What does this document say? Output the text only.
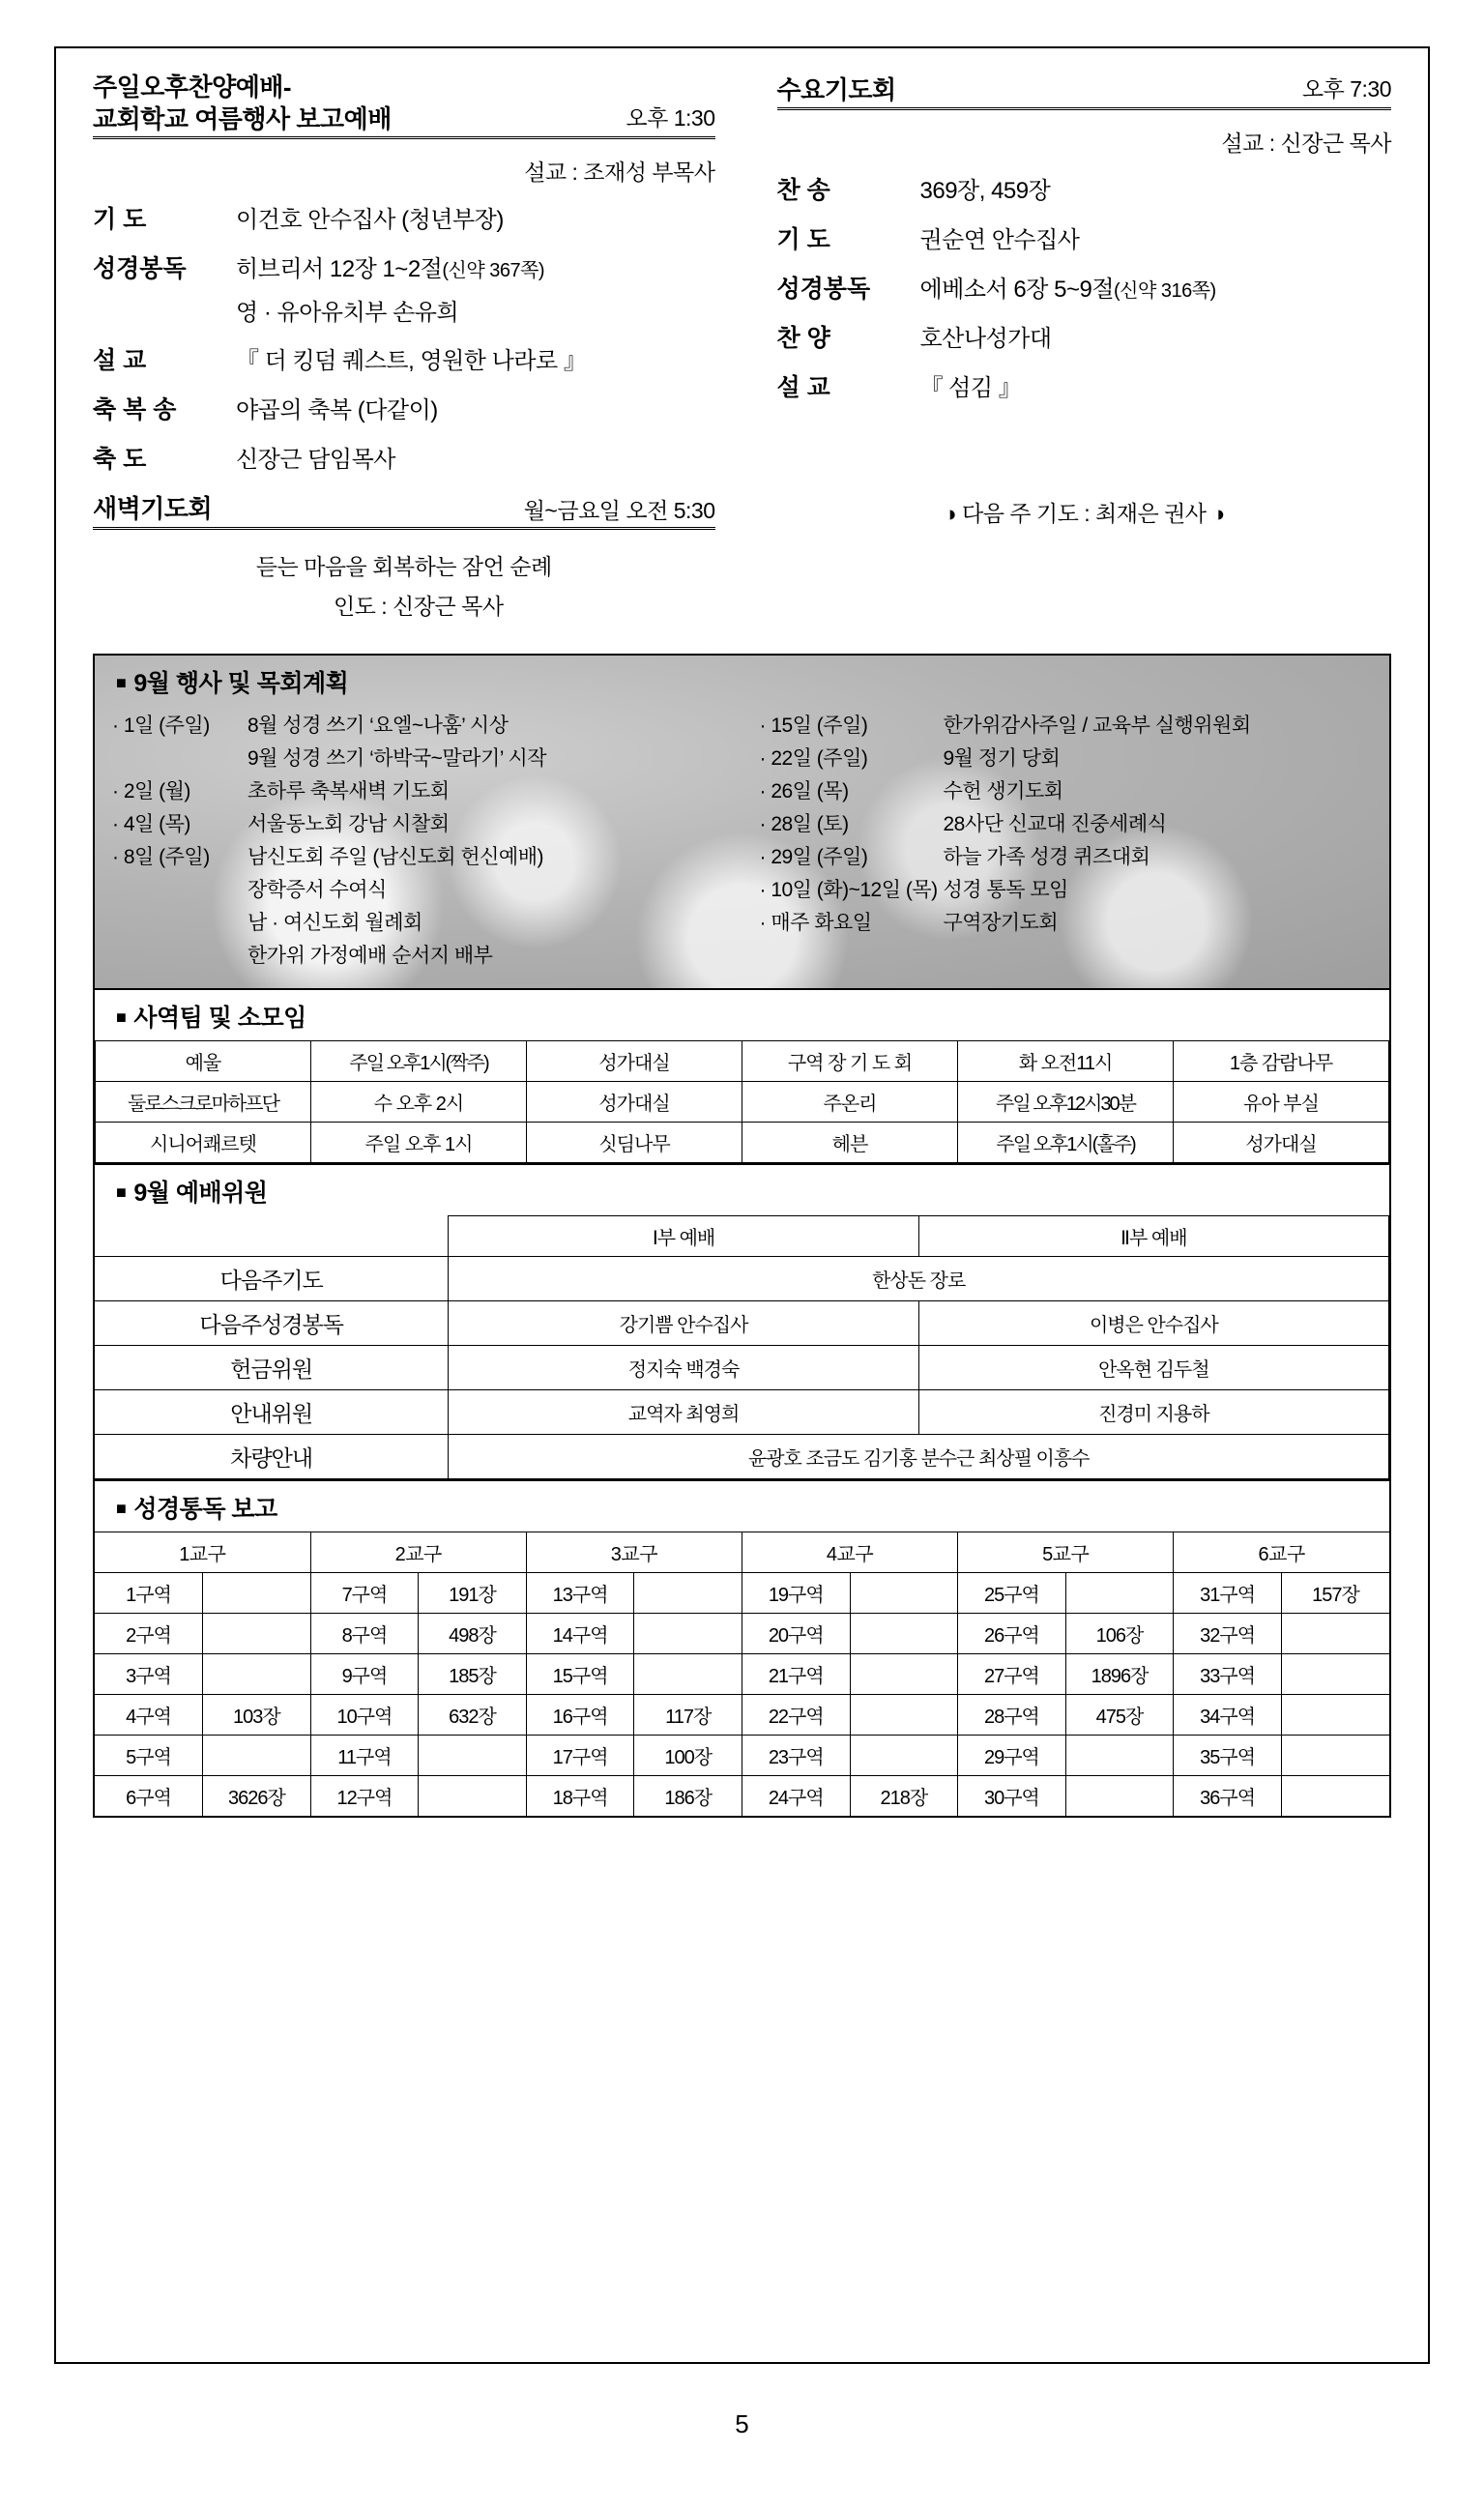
주일오후찬양예배-
교회학교 여름행사 보고예배	오후 1:30
설교 : 조재성 부목사
기 도	이건호 안수집사 (청년부장)
성경봉독	히브리서 12장 1~2절(신약 367쪽)
영 · 유아유치부 손유희
설 교	『 더 킹덤 퀘스트, 영원한 나라로 』
축 복 송	야곱의 축복 (다같이)
축 도	신장근 담임목사
새벽기도회	월~금요일 오전 5:30
듣는 마음을 회복하는 잠언 순례
인도 : 신장근 목사
수요기도회	오후 7:30
설교 : 신장근 목사
찬 송	369장, 459장
기 도	권순연 안수집사
성경봉독	에베소서 6장 5~9절(신약 316쪽)
찬 양	호산나성가대
설 교	『 섬김 』
◑ 다음 주 기도 : 최재은 권사 ◑
■ 9월 행사 및 목회계획
· 1일 (주일)	8월 성경 쓰기 ‘요엘~나훔’ 시상
9월 성경 쓰기 ‘하박국~말라기’ 시작
· 2일 (월)	초하루 축복새벽 기도회
· 4일 (목)	서울동노회 강남 시찰회
· 8일 (주일)	남신도회 주일 (남신도회 헌신예배)
장학증서 수여식
남 · 여신도회 월례회
한가위 가정예배 순서지 배부
· 15일 (주일)	한가위감사주일 / 교육부 실행위원회
· 22일 (주일)	9월 정기 당회
· 26일 (목)	수헌 생기도회
· 28일 (토)	28사단 신교대 진중세례식
· 29일 (주일)	하늘 가족 성경 퀴즈대회
· 10일 (화)~12일 (목) 성경 통독 모임
· 매주 화요일	구역장기도회
■ 사역팀 및 소모임
예울	주일 오후1시(짝주)	성가대실	구역 장 기 도 회	화 오전11시	1층 감람나무
둘로스크로마하프단	수 오후 2시	성가대실	주온리	주일 오후12시30분	유아 부실
시니어쾌르텟	주일 오후 1시	싯딤나무	헤븐	주일 오후1시(홀주)	성가대실
■ 9월 예배위원
	Ⅰ부 예배	Ⅱ부 예배
다음주기도	한상돈 장로	
다음주성경봉독	강기쁨 안수집사	이병은 안수집사
헌금위원	정지숙 백경숙	안옥현 김두철
안내위원	교역자 최영희	진경미 지용하
차량안내	윤광호 조금도 김기홍 분수근 최상필 이흥수	
■ 성경통독 보고
1교구		2교구		3교구		4교구		5교구		6교구	
1구역		7구역	191장	13구역		19구역		25구역		31구역	157장
2구역		8구역	498장	14구역		20구역		26구역	106장	32구역	
3구역		9구역	185장	15구역		21구역		27구역	1896장	33구역	
4구역	103장	10구역	632장	16구역	117장	22구역		28구역	475장	34구역	
5구역		11구역		17구역	100장	23구역		29구역		35구역	
6구역	3626장	12구역		18구역	186장	24구역	218장	30구역		36구역	
5
